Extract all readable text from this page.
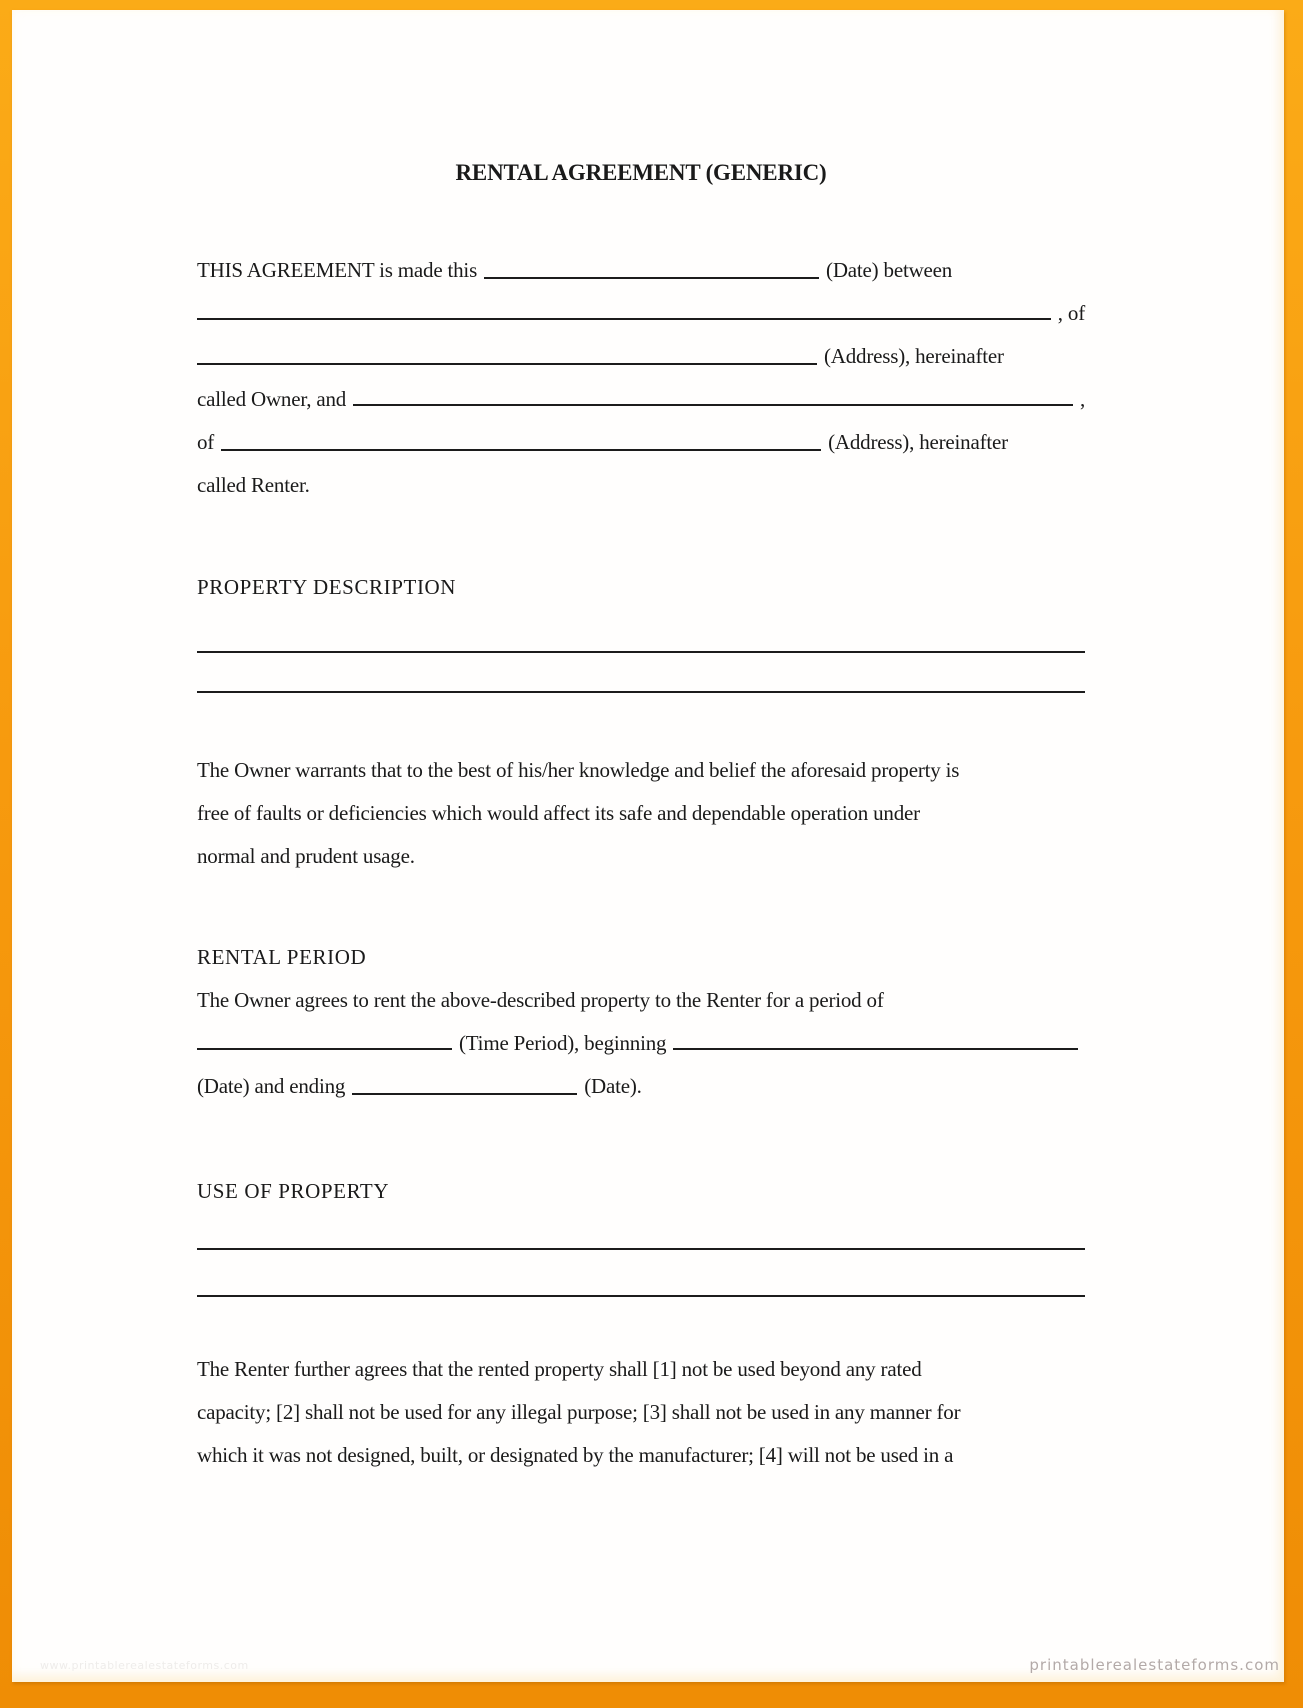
RENTAL AGREEMENT (GENERIC)
THIS AGREEMENT is made this	(Date) between
, of
(Address), hereinafter
called Owner, and	,
of	(Address), hereinafter
called Renter.
PROPERTY DESCRIPTION
The Owner warrants that to the best of his/her knowledge and belief the aforesaid property is
free of faults or deficiencies which would affect its safe and dependable operation under
normal and prudent usage.
RENTAL PERIOD
The Owner agrees to rent the above-described property to the Renter for a period of
(Time Period), beginning
(Date) and ending	(Date).
USE OF PROPERTY
The Renter further agrees that the rented property shall [1] not be used beyond any rated
capacity; [2] shall not be used for any illegal purpose; [3] shall not be used in any manner for
which it was not designed, built, or designated by the manufacturer; [4] will not be used in a
www.printablerealestateforms.com	printablerealestateforms.com
